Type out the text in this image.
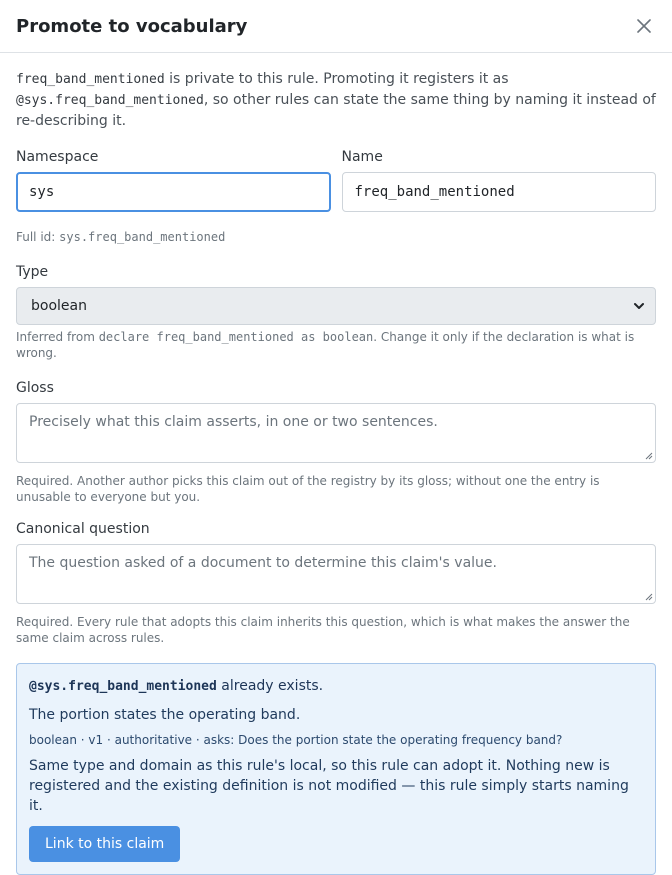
Promote to vocabulary

freq_band_mentioned is private to this rule. Promoting it registers it as @sys.freq_band_mentioned, so other rules can state the same thing by naming it instead of re-describing it.

Namespace
sys	Name
freq_band_mentioned

Full id: sys.freq_band_mentioned

Type
boolean

Inferred from declare freq_band_mentioned as boolean. Change it only if the declaration is what is wrong.

Gloss
Precisely what this claim asserts, in one or two sentences.

Required. Another author picks this claim out of the registry by its gloss; without one the entry is unusable to everyone but you.

Canonical question
The question asked of a document to determine this claim's value.

Required. Every rule that adopts this claim inherits this question, which is what makes the answer the same claim across rules.

@sys.freq_band_mentioned already exists.

The portion states the operating band.

boolean · v1 · authoritative · asks: Does the portion state the operating frequency band?

Same type and domain as this rule's local, so this rule can adopt it. Nothing new is registered and the existing definition is not modified — this rule simply starts naming it.

Link to this claim
